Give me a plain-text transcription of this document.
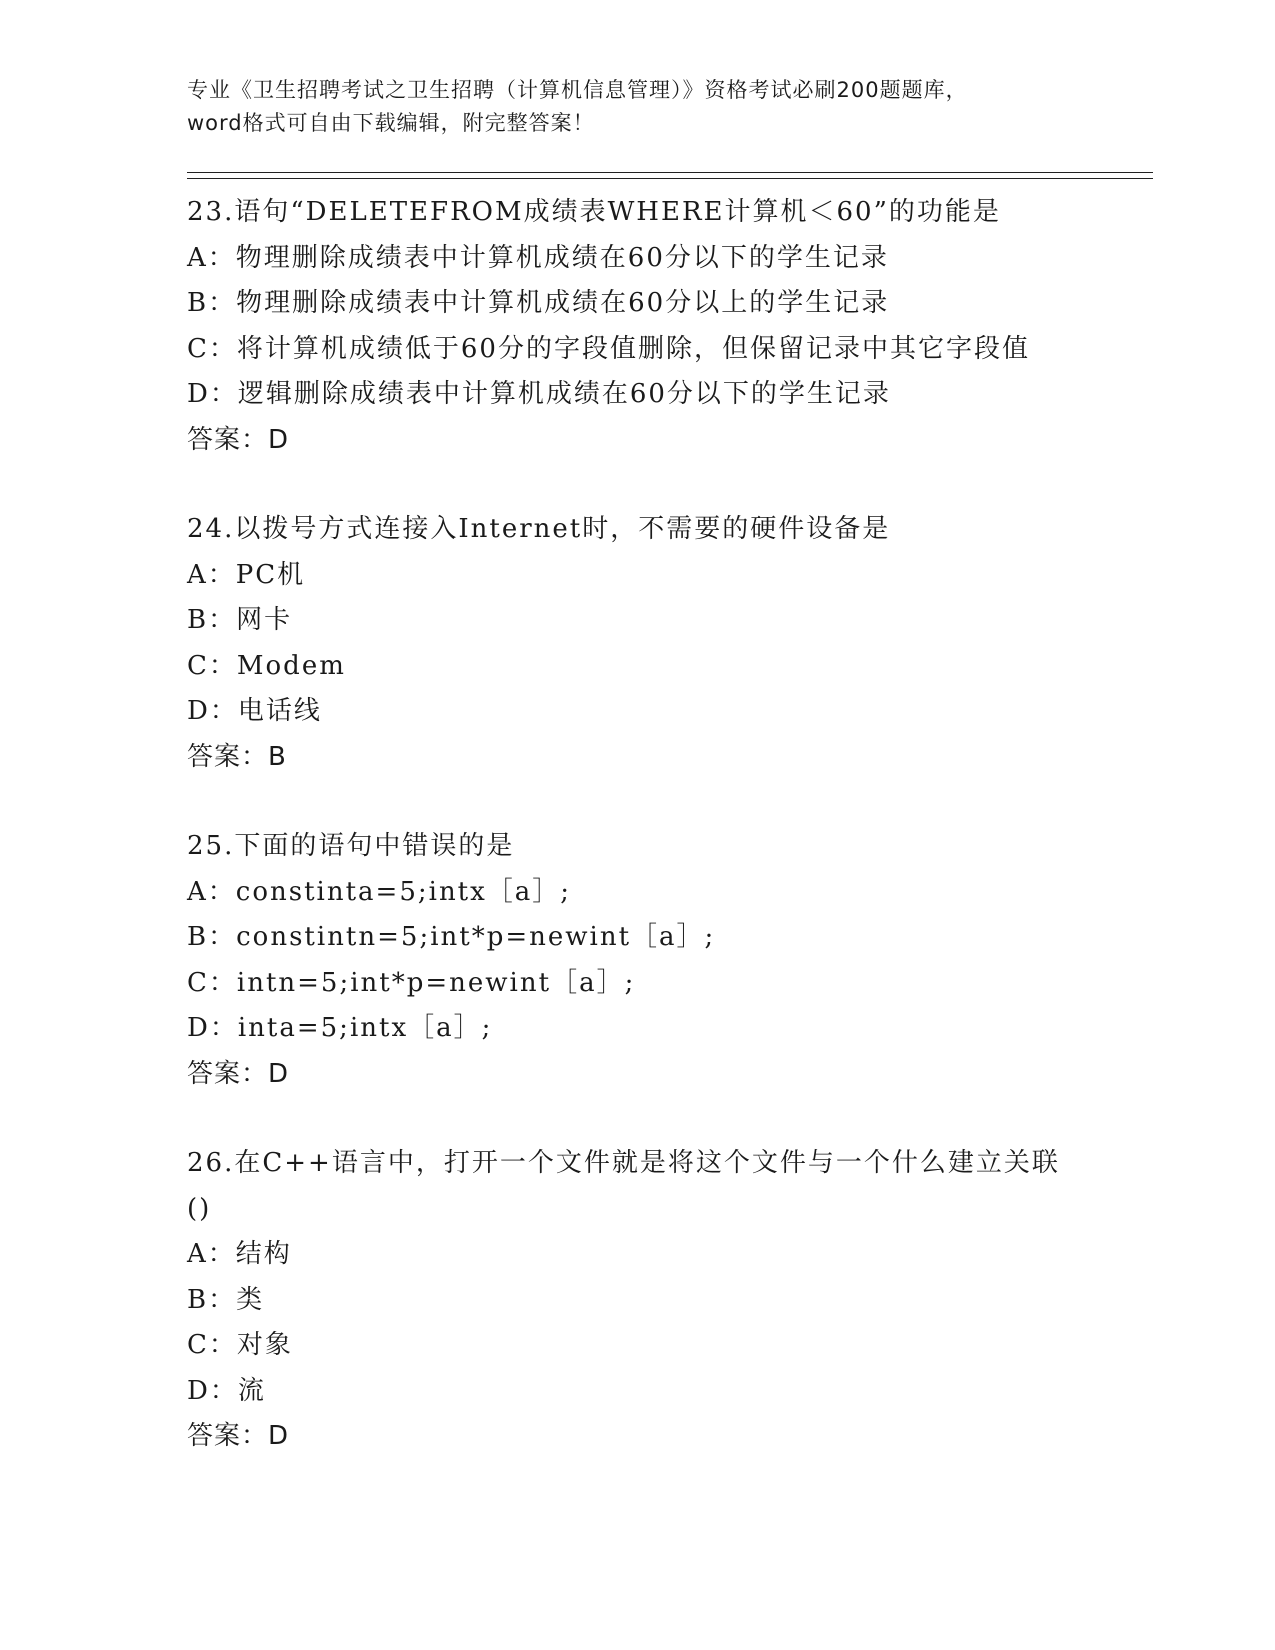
专业《卫生招聘考试之卫生招聘（计算机信息管理）》资格考试必刷200题题库，
word格式可自由下载编辑，附完整答案！
23.语句“DELETEFROM成绩表WHERE计算机＜60”的功能是
A：物理删除成绩表中计算机成绩在60分以下的学生记录
B：物理删除成绩表中计算机成绩在60分以上的学生记录
C：将计算机成绩低于60分的字段值删除，但保留记录中其它字段值
D：逻辑删除成绩表中计算机成绩在60分以下的学生记录
答案：D
24.以拨号方式连接入Internet时，不需要的硬件设备是
A：PC机
B：网卡
C：Modem
D：电话线
答案：B
25.下面的语句中错误的是
A：constinta=5;intx［a］;
B：constintn=5;int*p=newint［a］;
C：intn=5;int*p=newint［a］;
D：inta=5;intx［a］;
答案：D
26.在C++语言中，打开一个文件就是将这个文件与一个什么建立关联()
A：结构
B：类
C：对象
D：流
答案：D
